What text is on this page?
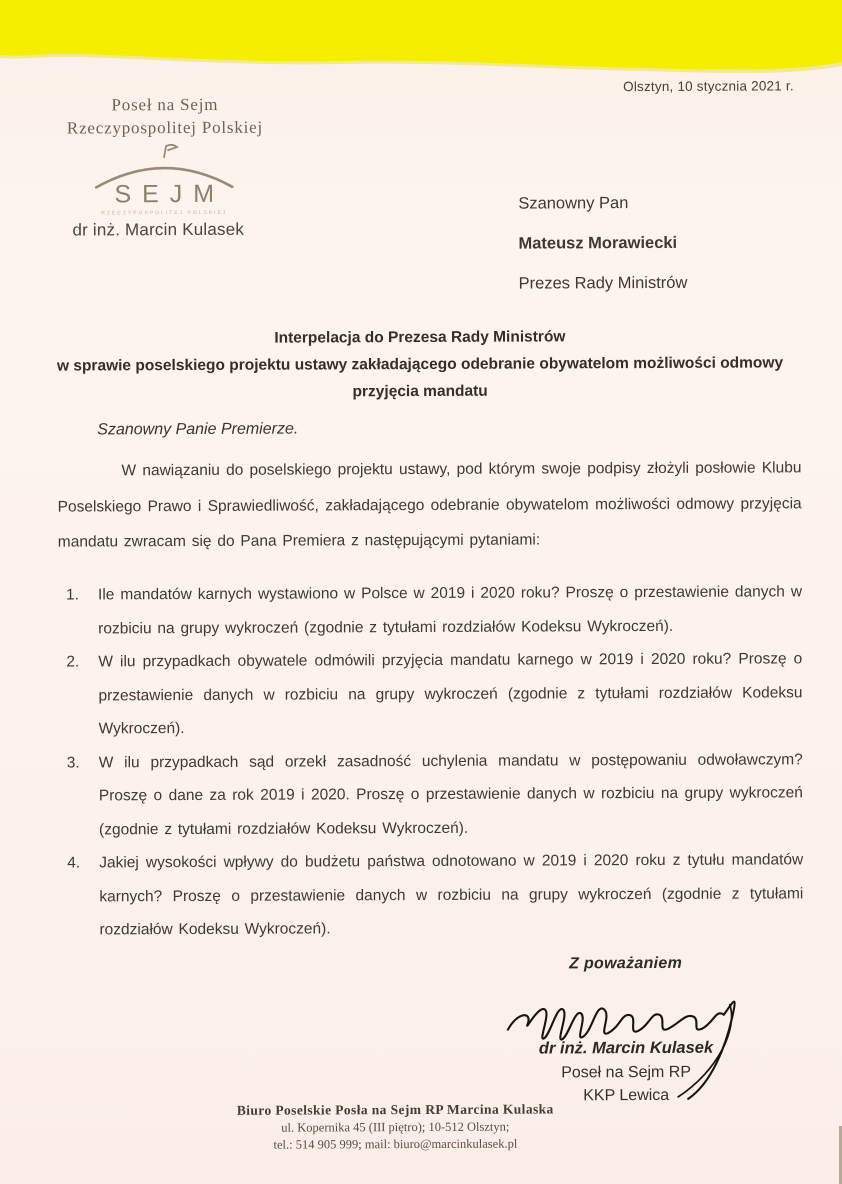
Poseł na Sejm
Rzeczypospolitej Polskiej
SEJM
RZECZYPOSPOLITEJ POLSKIEJ
dr inż. Marcin Kulasek
Olsztyn, 10 stycznia 2021 r.
Szanowny Pan
Mateusz Morawiecki
Prezes Rady Ministrów
Interpelacja do Prezesa Rady Ministrów
w sprawie poselskiego projektu ustawy zakładającego odebranie obywatelom możliwości odmowy
przyjęcia mandatu
Szanowny Panie Premierze.
W nawiązaniu do poselskiego projektu ustawy, pod którym swoje podpisy złożyli posłowie Klubu Poselskiego Prawo i Sprawiedliwość, zakładającego odebranie obywatelom możliwości odmowy przyjęcia mandatu zwracam się do Pana Premiera z następującymi pytaniami:
1. Ile mandatów karnych wystawiono w Polsce w 2019 i 2020 roku? Proszę o przestawienie danych w rozbiciu na grupy wykroczeń (zgodnie z tytułami rozdziałów Kodeksu Wykroczeń).
2. W ilu przypadkach obywatele odmówili przyjęcia mandatu karnego w 2019 i 2020 roku? Proszę o przestawienie danych w rozbiciu na grupy wykroczeń (zgodnie z tytułami rozdziałów Kodeksu Wykroczeń).
3. W ilu przypadkach sąd orzekł zasadność uchylenia mandatu w postępowaniu odwoławczym? Proszę o dane za rok 2019 i 2020. Proszę o przestawienie danych w rozbiciu na grupy wykroczeń (zgodnie z tytułami rozdziałów Kodeksu Wykroczeń).
4. Jakiej wysokości wpływy do budżetu państwa odnotowano w 2019 i 2020 roku z tytułu mandatów karnych? Proszę o przestawienie danych w rozbiciu na grupy wykroczeń (zgodnie z tytułami rozdziałów Kodeksu Wykroczeń).
Z poważaniem
dr inż. Marcin Kulasek
Poseł na Sejm RP
KKP Lewica
Biuro Poselskie Posła na Sejm RP Marcina Kulaska
ul. Kopernika 45 (III piętro); 10-512 Olsztyn;
tel.: 514 905 999; mail: biuro@marcinkulasek.pl
